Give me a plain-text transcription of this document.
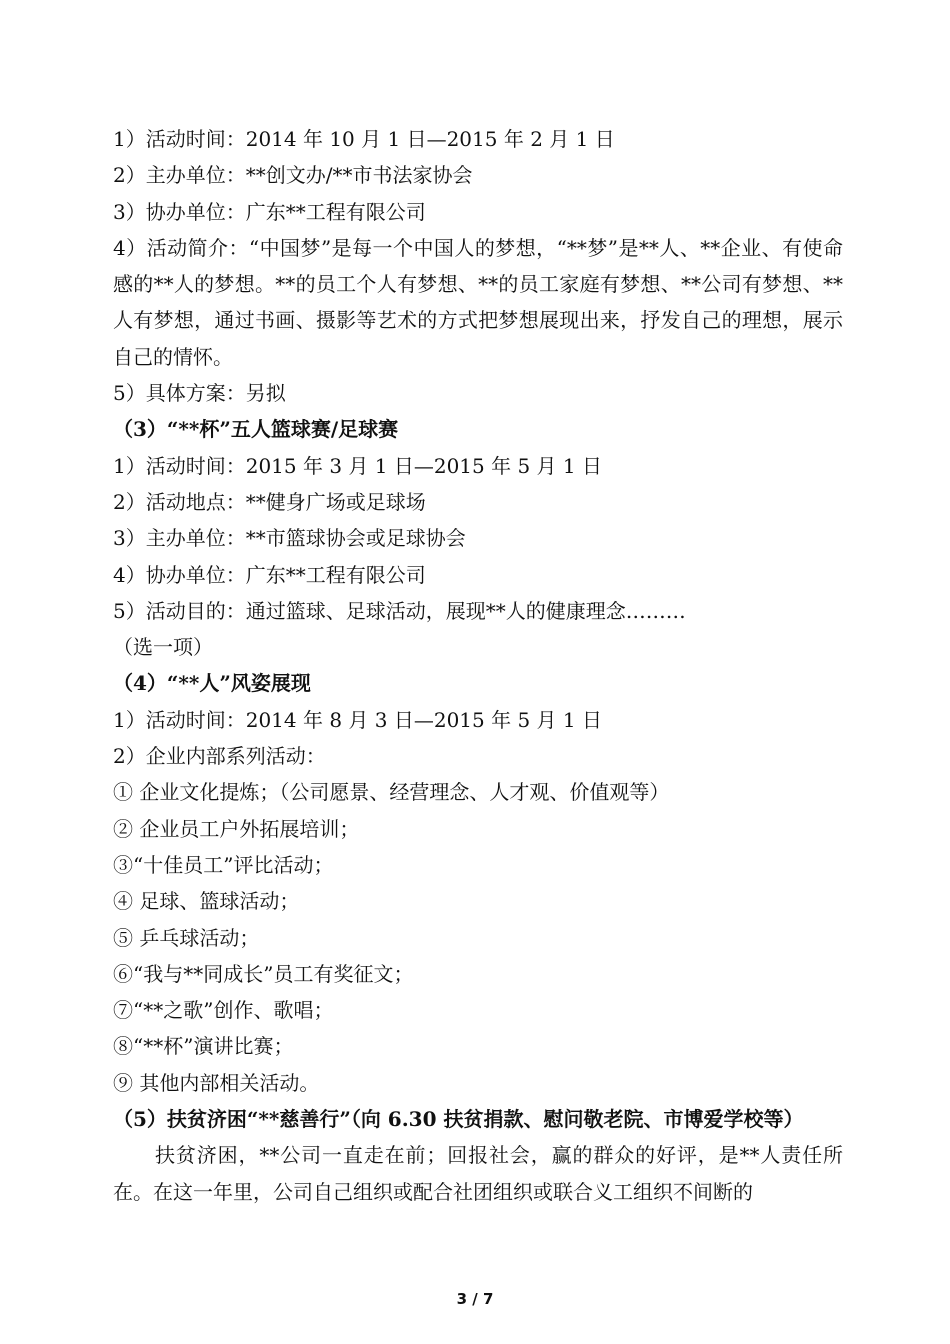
1）活动时间：2014 年 10 月 1 日—2015 年 2 月 1 日

2）主办单位：**创文办/**市书法家协会

3）协办单位：广东**工程有限公司

4）活动简介：“中国梦”是每一个中国人的梦想，“**梦”是**人、**企业、有使命感的**人的梦想。**的员工个人有梦想、**的员工家庭有梦想、**公司有梦想、**人有梦想，通过书画、摄影等艺术的方式把梦想展现出来，抒发自己的理想，展示自己的情怀。

5）具体方案：另拟

（3）“**杯”五人篮球赛/足球赛

1）活动时间：2015 年 3 月 1 日—2015 年 5 月 1 日

2）活动地点：**健身广场或足球场

3）主办单位：**市篮球协会或足球协会

4）协办单位：广东**工程有限公司

5）活动目的：通过篮球、足球活动，展现**人的健康理念………

（选一项）

（4）“**人”风姿展现

1）活动时间：2014 年 8 月 3 日—2015 年 5 月 1 日

2）企业内部系列活动：

① 企业文化提炼；（公司愿景、经营理念、人才观、价值观等）

② 企业员工户外拓展培训；

③“十佳员工”评比活动；

④ 足球、篮球活动；

⑤ 乒乓球活动；

⑥“我与**同成长”员工有奖征文；

⑦“**之歌”创作、歌唱；

⑧“**杯”演讲比赛；

⑨ 其他内部相关活动。

（5）扶贫济困“**慈善行”（向 6.30 扶贫捐款、慰问敬老院、市博爱学校等）

扶贫济困，**公司一直走在前；回报社会，赢的群众的好评，是**人责任所在。在这一年里，公司自己组织或配合社团组织或联合义工组织不间断的

3 / 7
